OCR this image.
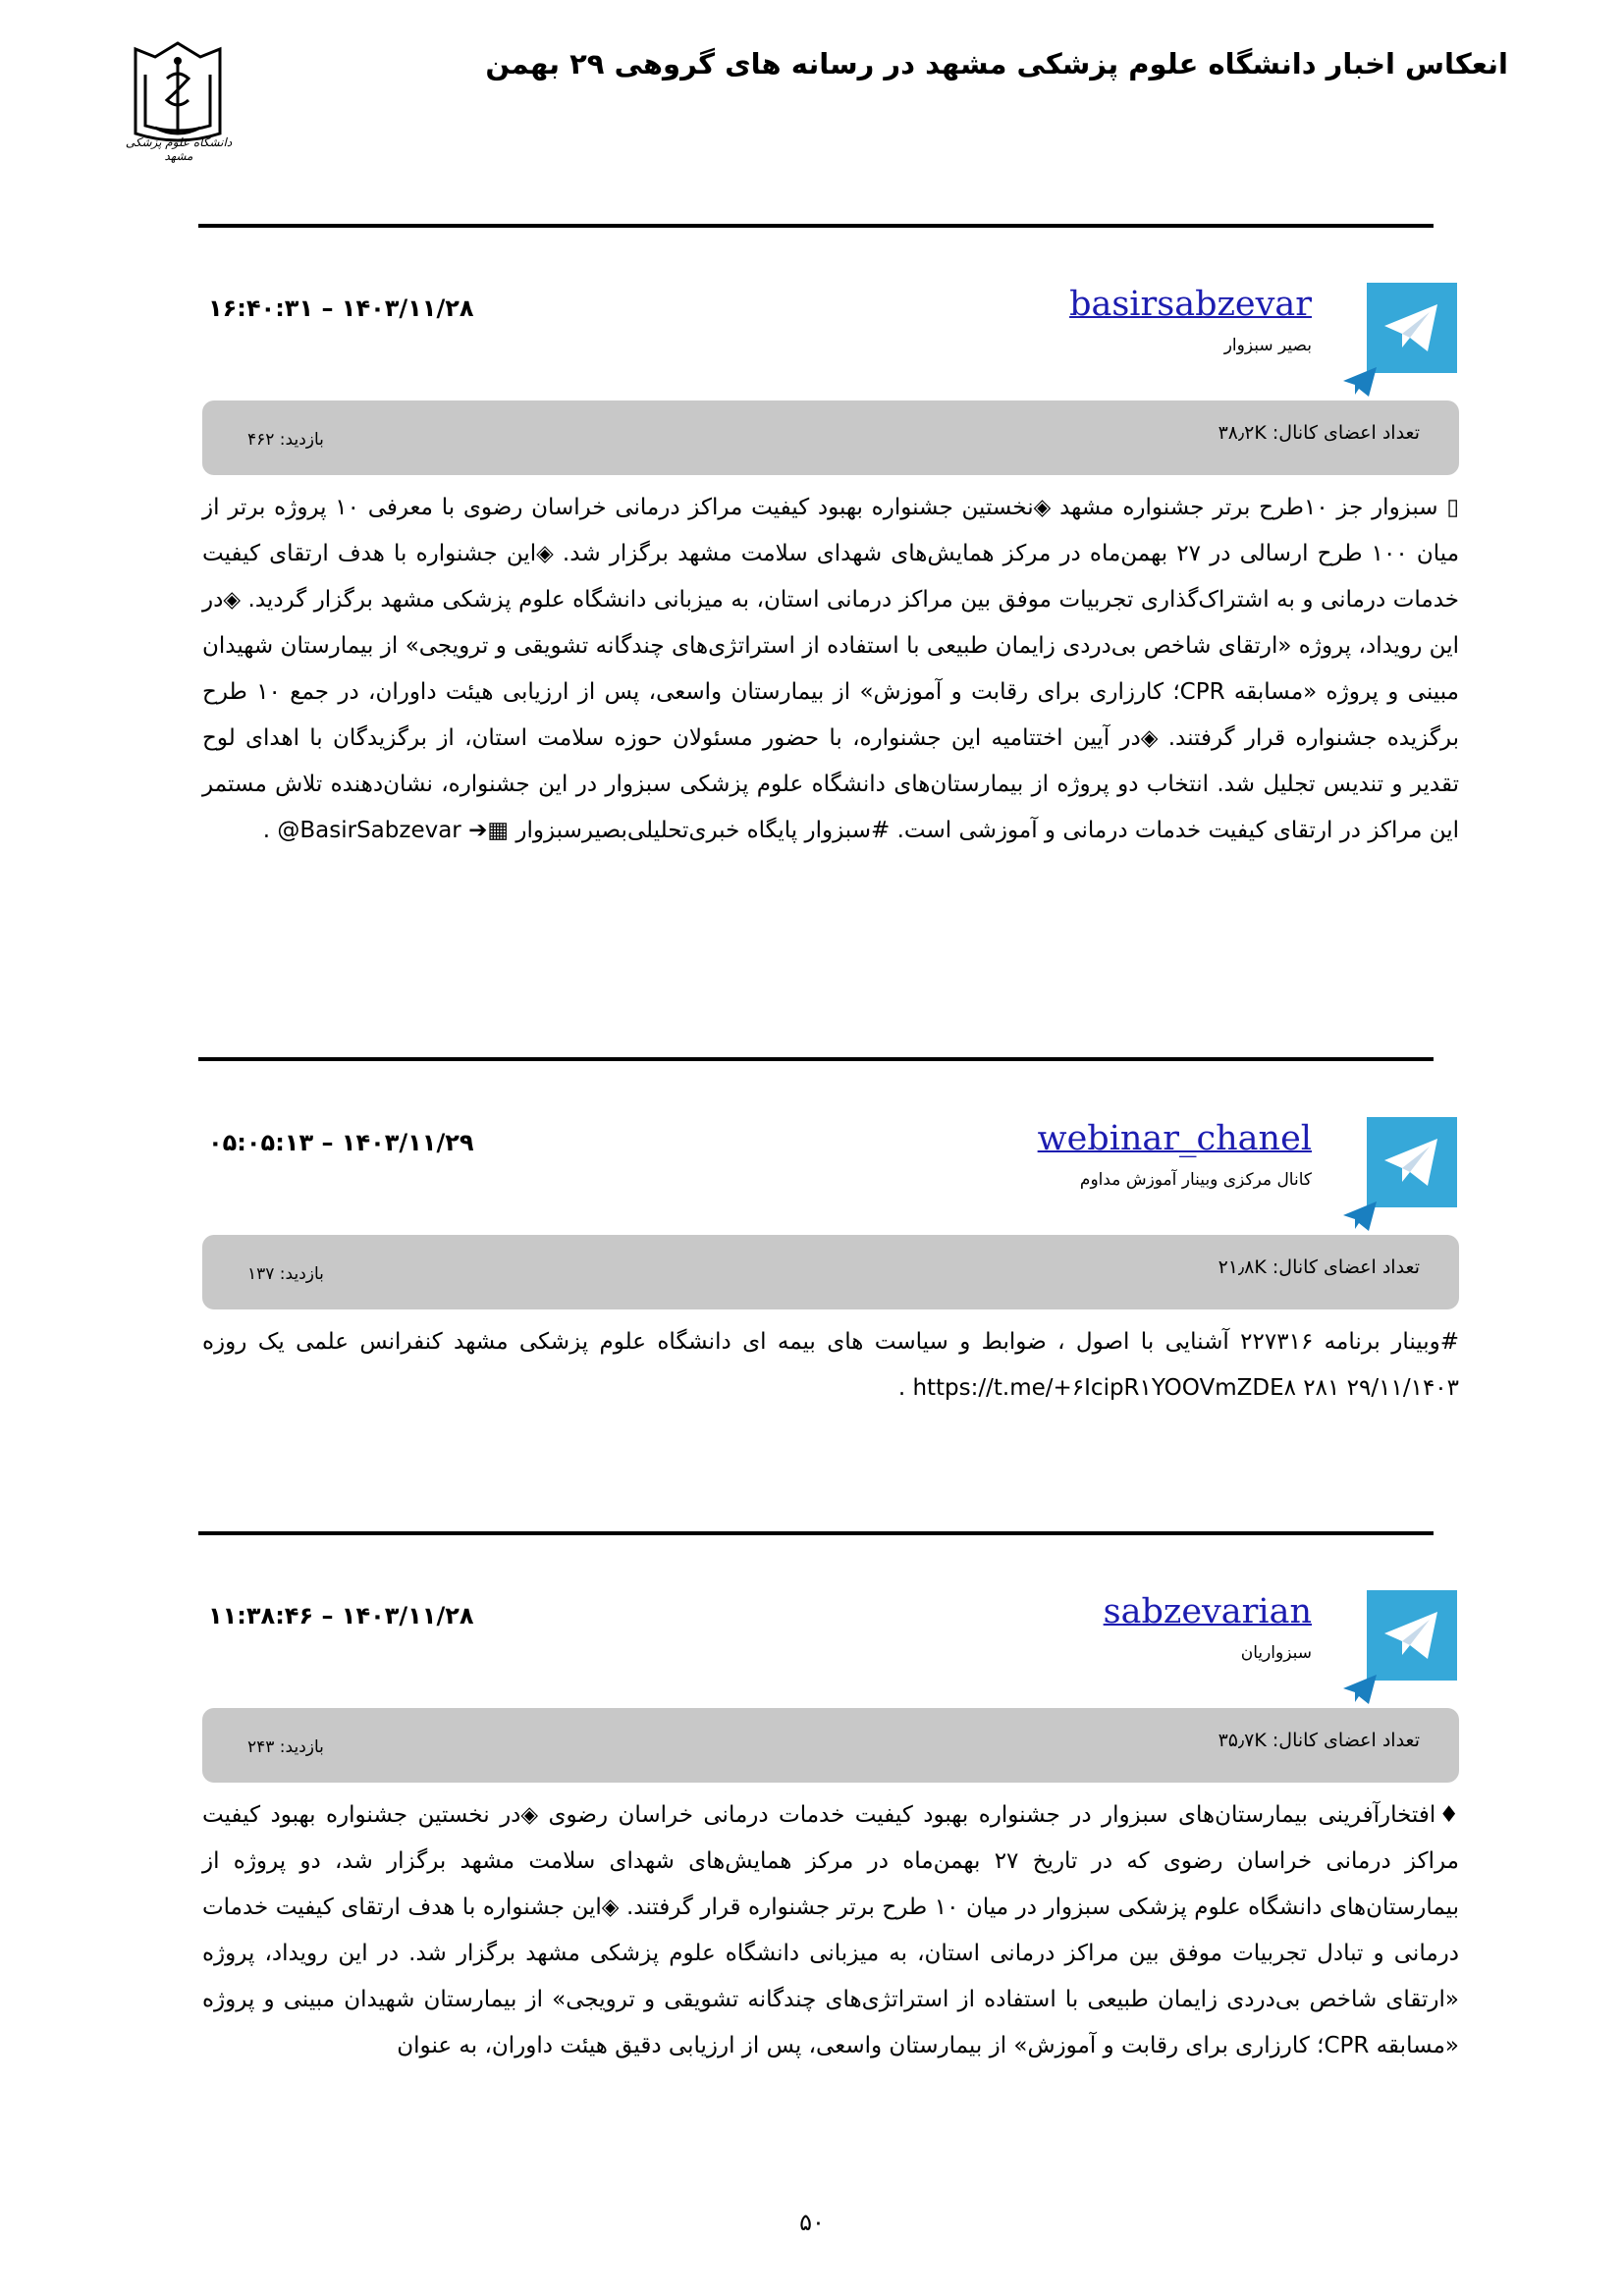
انعکاس اخبار دانشگاه علوم پزشکی مشهد در رسانه های گروهی ۲۹ بهمن
دانشگاه علوم پزشکی مشهد
basirsabzevar
بصیر سبزوار
۱۶:۴۰:۳۱ – ۱۴۰۳/۱۱/۲۸
تعداد اعضای کانال: ۳۸٫۲K
بازدید: ۴۶۲
▯ سبزوار جز ۱۰طرح برتر جشنواره مشهد ◈نخستین جشنواره بهبود کیفیت مراکز درمانی خراسان رضوی با معرفی ۱۰ پروژه برتر از میان ۱۰۰ طرح ارسالی در ۲۷ بهمن‌ماه در مرکز همایش‌های شهدای سلامت مشهد برگزار شد. ◈این جشنواره با هدف ارتقای کیفیت خدمات درمانی و به اشتراک‌گذاری تجربیات موفق بین مراکز درمانی استان، به میزبانی دانشگاه علوم پزشکی مشهد برگزار گردید. ◈در این رویداد، پروژه «ارتقای شاخص بی‌دردی زایمان طبیعی با استفاده از استراتژی‌های چندگانه تشویقی و ترویجی» از بیمارستان شهیدان مبینی و پروژه «مسابقه CPR؛ کارزاری برای رقابت و آموزش» از بیمارستان واسعی، پس از ارزیابی هیئت داوران، در جمع ۱۰ طرح برگزیده جشنواره قرار گرفتند. ◈در آیین اختتامیه این جشنواره، با حضور مسئولان حوزه سلامت استان، از برگزیدگان با اهدای لوح تقدیر و تندیس تجلیل شد. انتخاب دو پروژه از بیمارستان‌های دانشگاه علوم پزشکی سبزوار در این جشنواره، نشان‌دهنده تلاش مستمر این مراکز در ارتقای کیفیت خدمات درمانی و آموزشی است. #سبزوار پایگاه خبری‌تحلیلی‌بصیرسبزوار ▦➔ BasirSabzevar@ .
webinar_chanel
کانال مرکزی وبینار آموزش مداوم
۰۵:۰۵:۱۳ – ۱۴۰۳/۱۱/۲۹
تعداد اعضای کانال: ۲۱٫۸K
بازدید: ۱۳۷
#وبینار برنامه ۲۲۷۳۱۶ آشنایی با اصول ، ضوابط و سیاست های بیمه ای دانشگاه علوم پزشکی مشهد کنفرانس علمی یک روزه ۲۹/۱۱/۱۴۰۳ ۲۸۱ https://t.me/+۶IcipR۱YOOVmZDE۸ .
sabzevarian
سبزواریان
۱۱:۳۸:۴۶ – ۱۴۰۳/۱۱/۲۸
تعداد اعضای کانال: ۳۵٫۷K
بازدید: ۲۴۳
♦افتخارآفرینی بیمارستان‌های سبزوار در جشنواره بهبود کیفیت خدمات درمانی خراسان رضوی ◈در نخستین جشنواره بهبود کیفیت مراکز درمانی خراسان رضوی که در تاریخ ۲۷ بهمن‌ماه در مرکز همایش‌های شهدای سلامت مشهد برگزار شد، دو پروژه از بیمارستان‌های دانشگاه علوم پزشکی سبزوار در میان ۱۰ طرح برتر جشنواره قرار گرفتند. ◈این جشنواره با هدف ارتقای کیفیت خدمات درمانی و تبادل تجربیات موفق بین مراکز درمانی استان، به میزبانی دانشگاه علوم پزشکی مشهد برگزار شد. در این رویداد، پروژه «ارتقای شاخص بی‌دردی زایمان طبیعی با استفاده از استراتژی‌های چندگانه تشویقی و ترویجی» از بیمارستان شهیدان مبینی و پروژه «مسابقه CPR؛ کارزاری برای رقابت و آموزش» از بیمارستان واسعی، پس از ارزیابی دقیق هیئت داوران، به عنوان
۵۰
